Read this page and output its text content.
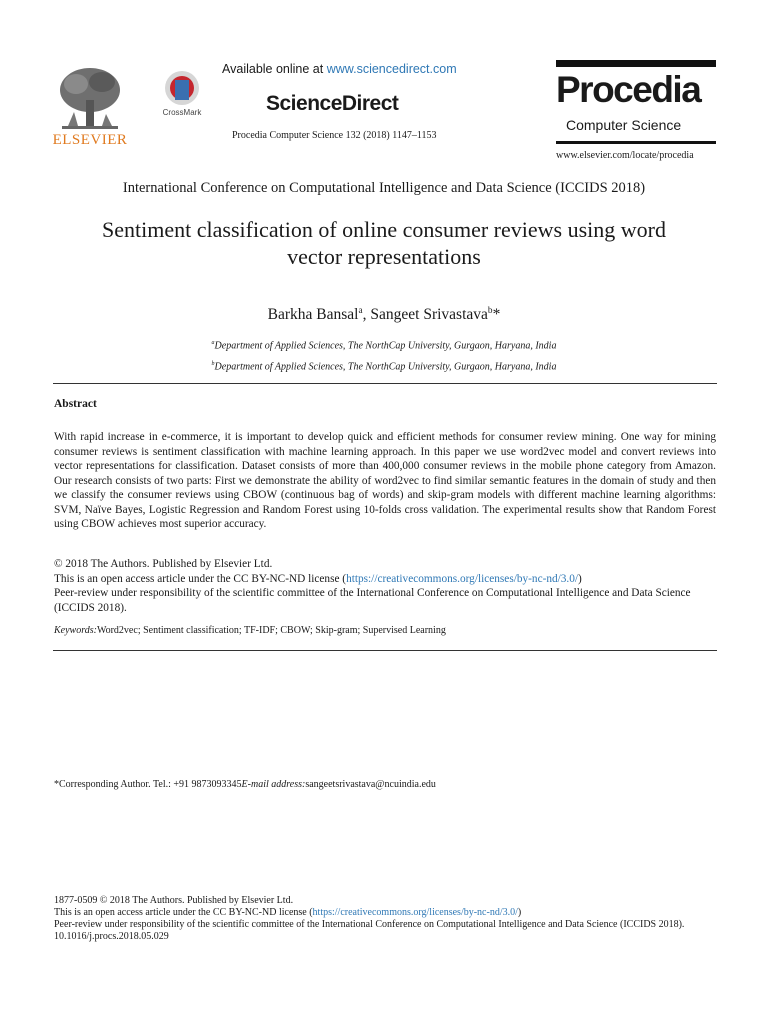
ELSEVIER
CrossMark
Available online at www.sciencedirect.com
ScienceDirect
Procedia Computer Science 132 (2018) 1147–1153
Procedia
Computer Science
www.elsevier.com/locate/procedia
International Conference on Computational Intelligence and Data Science (ICCIDS 2018)
Sentiment classification of online consumer reviews using word
vector representations
Barkha Bansal$^a$, Sangeet Srivastava$^b$*
$^a$Department of Applied Sciences, The NorthCap University, Gurgaon, Haryana, India
$^b$Department of Applied Sciences, The NorthCap University, Gurgaon, Haryana, India
Abstract
With rapid increase in e-commerce, it is important to develop quick and efficient methods for consumer review mining. One way for mining consumer reviews is sentiment classification with machine learning approach. In this paper we use word2vec model and convert reviews into vector representations for classification. Dataset consists of more than 400,000 consumer reviews in the mobile phone category from Amazon. Our research consists of two parts: First we demonstrate the ability of word2vec to find similar semantic features in the domain of study and then we classify the consumer reviews using CBOW (continuous bag of words) and skip-gram models with different machine learning algorithms: SVM, Naïve Bayes, Logistic Regression and Random Forest using 10-folds cross validation. The experimental results show that Random Forest using CBOW achieves most superior accuracy.
© 2018 The Authors. Published by Elsevier Ltd.
This is an open access article under the CC BY-NC-ND license (https://creativecommons.org/licenses/by-nc-nd/3.0/)
Peer-review under responsibility of the scientific committee of the International Conference on Computational Intelligence and Data Science (ICCIDS 2018).
Keywords:Word2vec; Sentiment classification; TF-IDF; CBOW; Skip-gram; Supervised Learning
*Corresponding Author. Tel.: +91 9873093345E-mail address:sangeetsrivastava@ncuindia.edu
1877-0509 © 2018 The Authors. Published by Elsevier Ltd.
This is an open access article under the CC BY-NC-ND license (https://creativecommons.org/licenses/by-nc-nd/3.0/)
Peer-review under responsibility of the scientific committee of the International Conference on Computational Intelligence and Data Science (ICCIDS 2018).
10.1016/j.procs.2018.05.029
